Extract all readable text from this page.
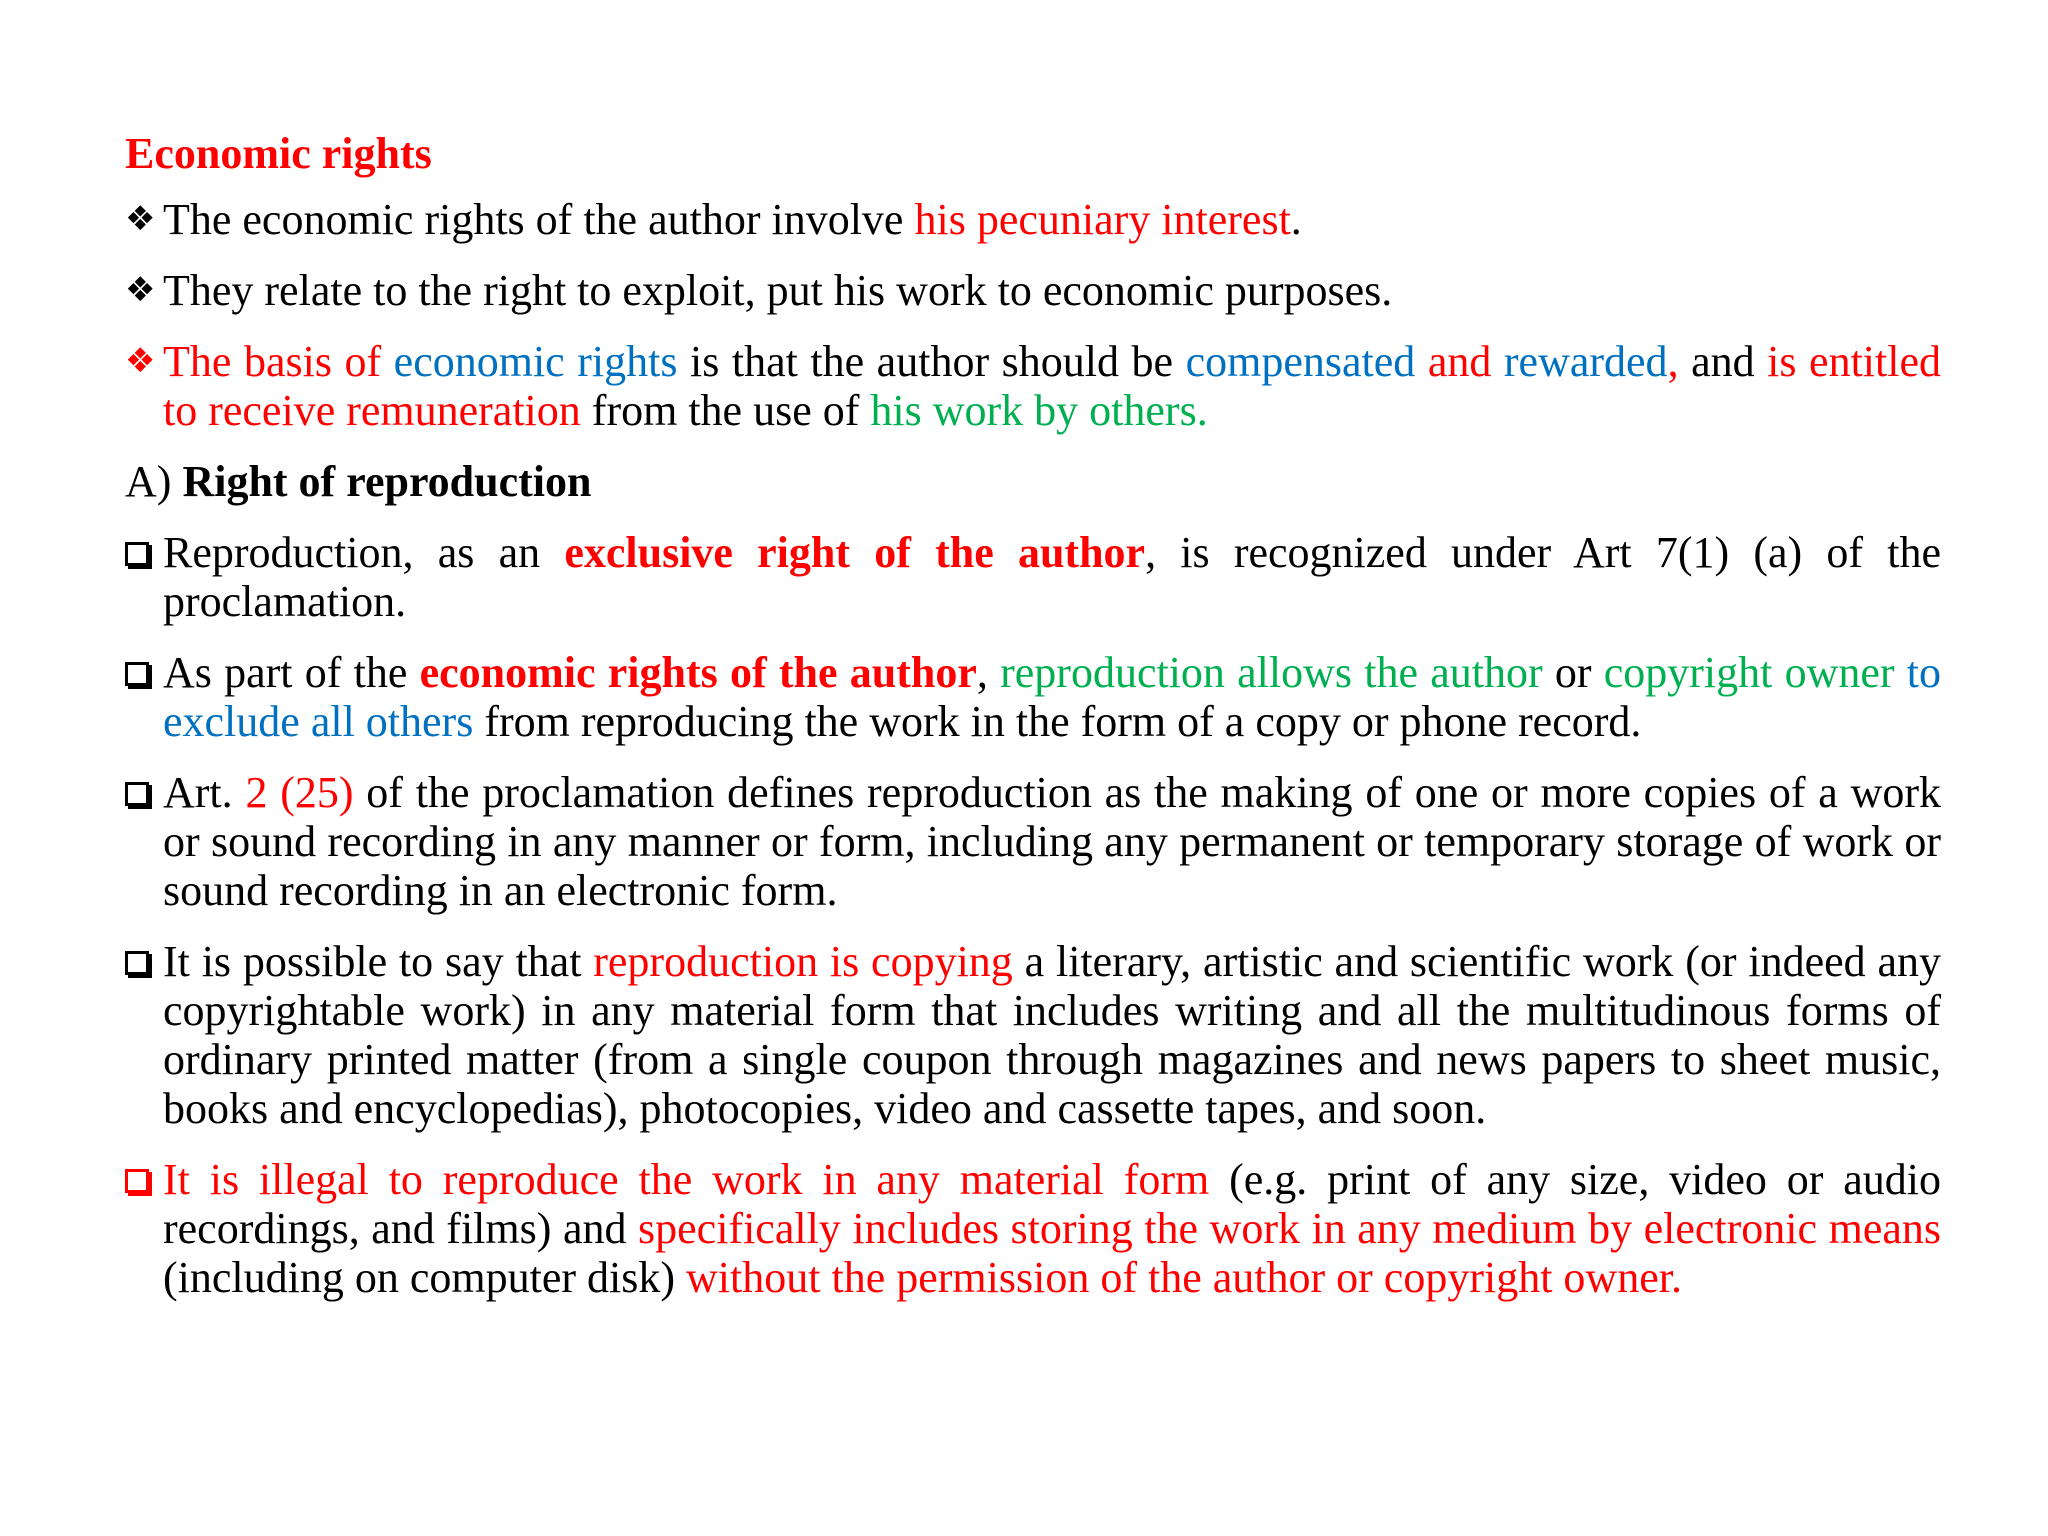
Economic rights
❖ The economic rights of the author involve his pecuniary interest.
❖ They relate to the right to exploit, put his work to economic purposes.
❖ The basis of economic rights is that the author should be compensated and rewarded, and is entitled to receive remuneration from the use of his work by others.
A) Right of reproduction
Reproduction, as an exclusive right of the author, is recognized under Art 7(1) (a) of the proclamation.
As part of the economic rights of the author, reproduction allows the author or copyright owner to exclude all others from reproducing the work in the form of a copy or phone record.
Art. 2 (25) of the proclamation defines reproduction as the making of one or more copies of a work or sound recording in any manner or form, including any permanent or temporary storage of work or sound recording in an electronic form.
It is possible to say that reproduction is copying a literary, artistic and scientific work (or indeed any copyrightable work) in any material form that includes writing and all the multitudinous forms of ordinary printed matter (from a single coupon through magazines and news papers to sheet music, books and encyclopedias), photocopies, video and cassette tapes, and soon.
It is illegal to reproduce the work in any material form (e.g. print of any size, video or audio recordings, and films) and specifically includes storing the work in any medium by electronic means (including on computer disk) without the permission of the author or copyright owner.
